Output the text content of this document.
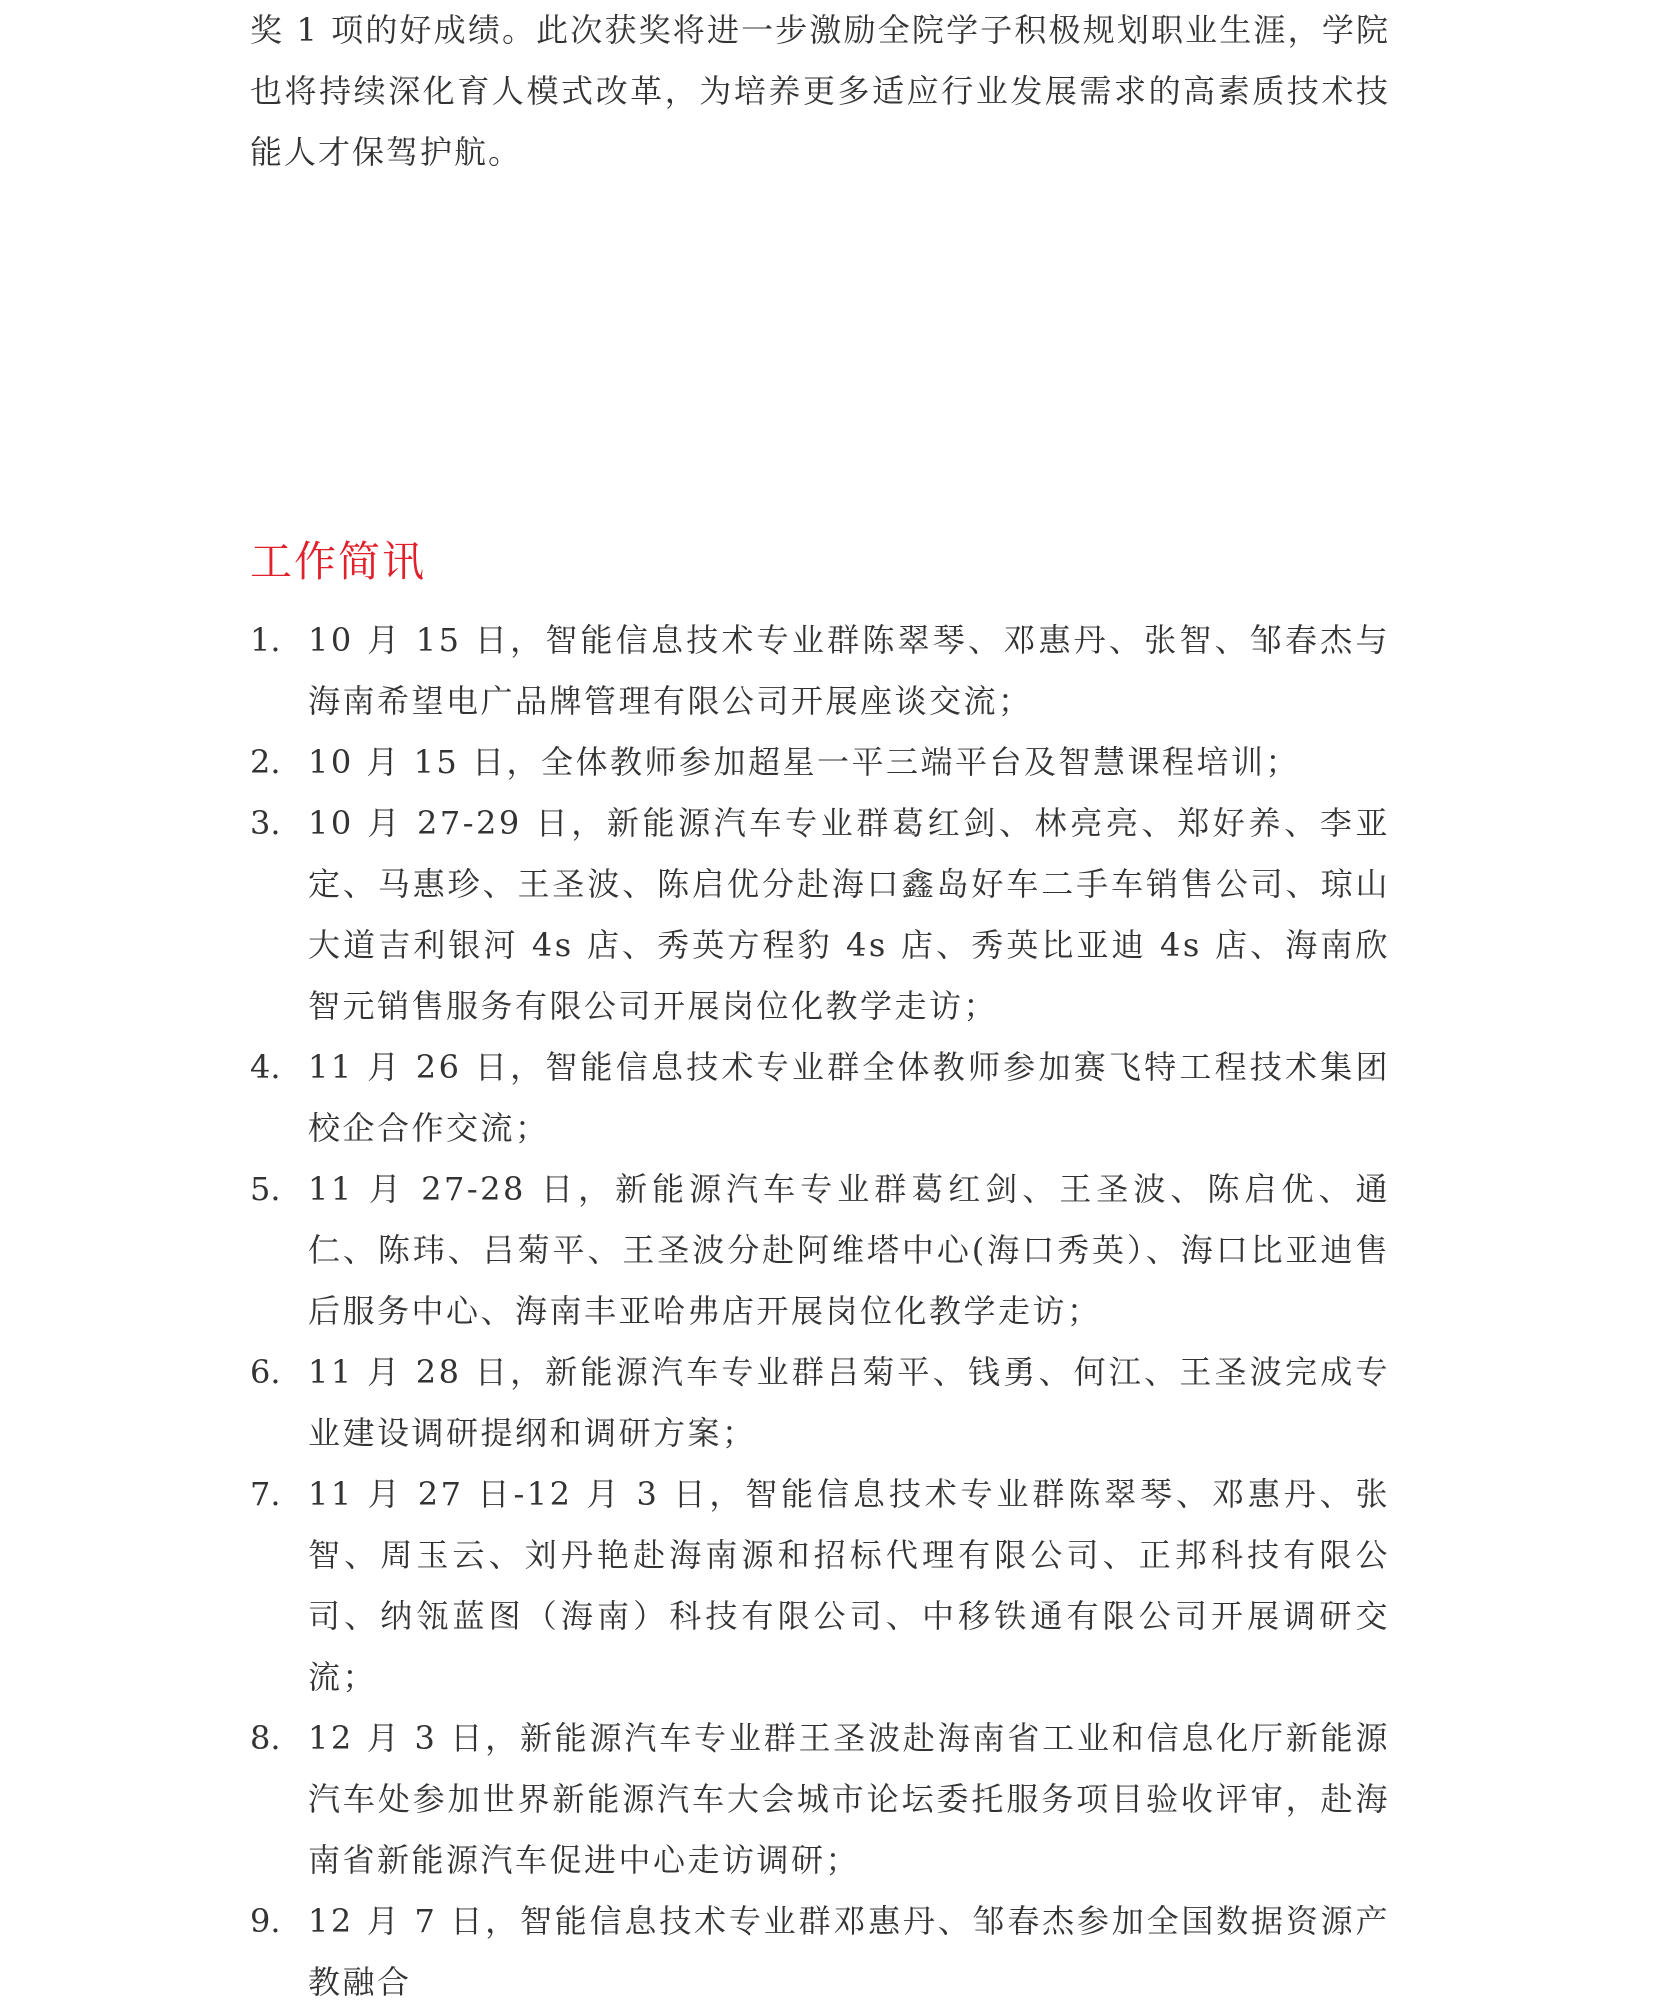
奖 1 项的好成绩。此次获奖将进一步激励全院学子积极规划职业生涯，学院也将持续深化育人模式改革，为培养更多适应行业发展需求的高素质技术技能人才保驾护航。

工作简讯
1. 10 月 15 日，智能信息技术专业群陈翠琴、邓惠丹、张智、邹春杰与海南希望电广品牌管理有限公司开展座谈交流；
2. 10 月 15 日，全体教师参加超星一平三端平台及智慧课程培训；
3. 10 月 27-29 日，新能源汽车专业群葛红剑、林亮亮、郑好养、李亚定、马惠珍、王圣波、陈启优分赴海口鑫岛好车二手车销售公司、琼山大道吉利银河 4s 店、秀英方程豹 4s 店、秀英比亚迪 4s 店、海南欣智元销售服务有限公司开展岗位化教学走访；
4. 11 月 26 日，智能信息技术专业群全体教师参加赛飞特工程技术集团校企合作交流；
5. 11 月 27-28 日，新能源汽车专业群葛红剑、王圣波、陈启优、通仁、陈玮、吕菊平、王圣波分赴阿维塔中心(海口秀英）、海口比亚迪售后服务中心、海南丰亚哈弗店开展岗位化教学走访；
6. 11 月 28 日，新能源汽车专业群吕菊平、钱勇、何江、王圣波完成专业建设调研提纲和调研方案；
7. 11 月 27 日-12 月 3 日，智能信息技术专业群陈翠琴、邓惠丹、张智、周玉云、刘丹艳赴海南源和招标代理有限公司、正邦科技有限公司、纳瓴蓝图（海南）科技有限公司、中移铁通有限公司开展调研交流；
8. 12 月 3 日，新能源汽车专业群王圣波赴海南省工业和信息化厅新能源汽车处参加世界新能源汽车大会城市论坛委托服务项目验收评审，赴海南省新能源汽车促进中心走访调研；
9. 12 月 7 日，智能信息技术专业群邓惠丹、邹春杰参加全国数据资源产教融合
